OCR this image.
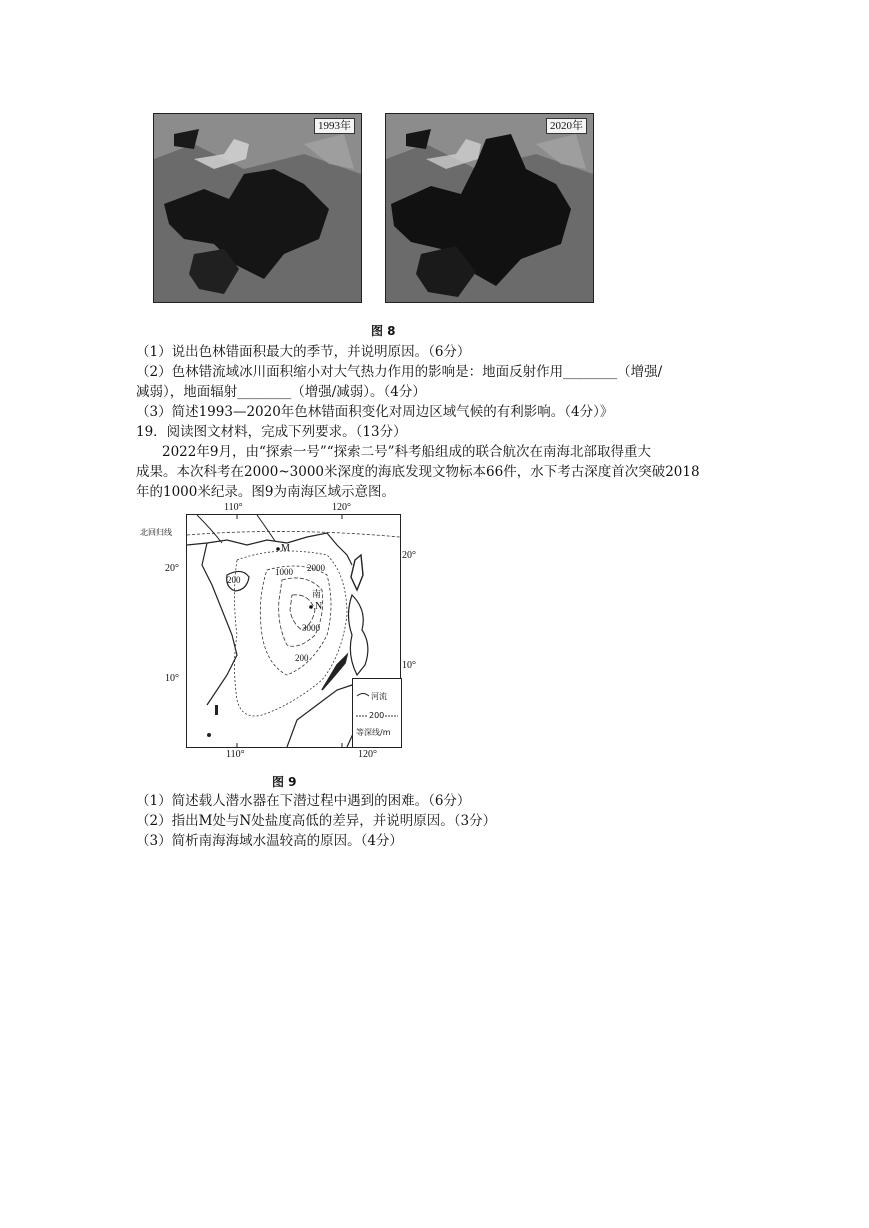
1993年	2020年
图 8
（1）说出色林错面积最大的季节，并说明原因。（6分）
（2）色林错流域冰川面积缩小对大气热力作用的影响是：地面反射作用________（增强/
减弱），地面辐射________（增强/减弱）。（4分）
（3）简述1993—2020年色林错面积变化对周边区域气候的有利影响。（4分）》
19．阅读图文材料，完成下列要求。（13分）
2022年9月，由“探索一号”“探索二号”科考船组成的联合航次在南海北部取得重大
成果。本次科考在2000~3000米深度的海底发现文物标本66件，水下考古深度首次突破2018
年的1000米纪录。图9为南海区域示意图。
110°	120°
北回归线
20°
10°
20°
10°
110°	120°
M
N
南
200
1000 2000
3000
200
河流
200
等深线/m
图 9
（1）简述载人潜水器在下潜过程中遇到的困难。（6分）
（2）指出M处与N处盐度高低的差异，并说明原因。（3分）
（3）简析南海海域水温较高的原因。（4分）
